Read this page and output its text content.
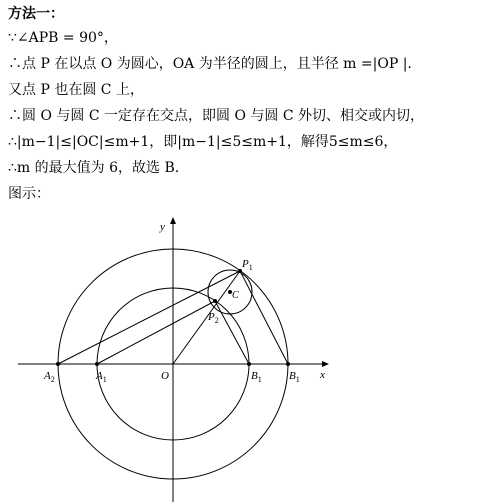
方法一：
∵∠APB = 90°，
∴点 P 在以点 O 为圆心，OA 为半径的圆上，且半径 m =|OP |.
又点 P 也在圆 C 上，
∴圆 O 与圆 C 一定存在交点，即圆 O 与圆 C 外切、相交或内切，
∴|m−1|≤|OC|≤m+1，即|m−1|≤5≤m+1，解得5≤m≤6，
∴m 的最大值为 6，故选 B.
图示：
y
x
O
$A_2$	$A_1$	$B_1$ $B_1$
$P_1$
$P_2$
C
